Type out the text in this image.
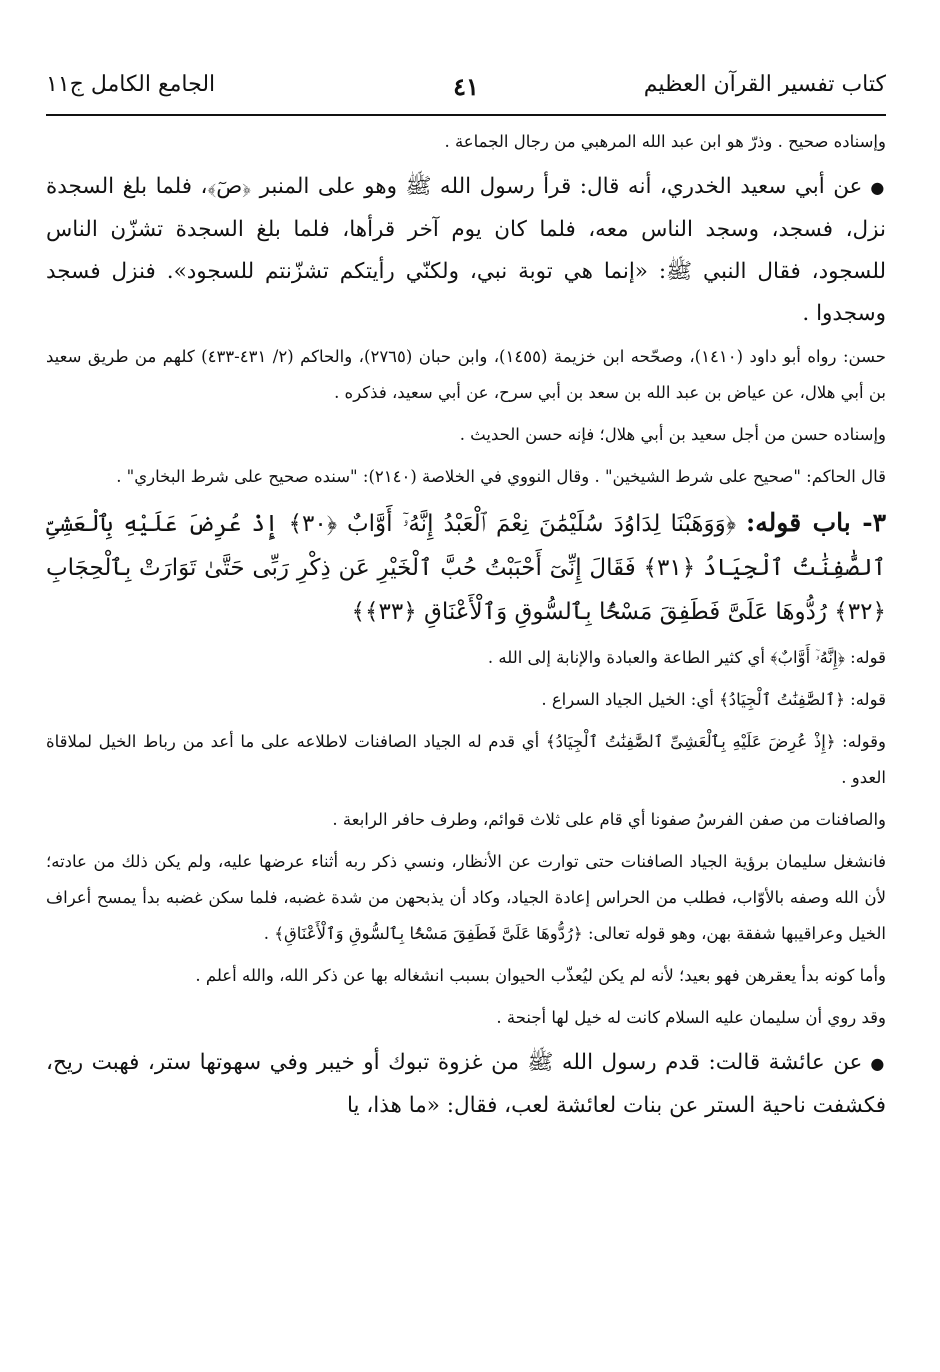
كتاب تفسير القرآن العظيم
٤١
الجامع الكامل ج١١

وإسناده صحيح . وذرّ هو ابن عبد الله المرهبي من رجال الجماعة .

● عن أبي سعيد الخدري، أنه قال: قرأ رسول الله ﷺ وهو على المنبر ﴿صٓ﴾، فلما بلغ السجدة نزل، فسجد، وسجد الناس معه، فلما كان يوم آخر قرأها، فلما بلغ السجدة تشزّن الناس للسجود، فقال النبي ﷺ: «إنما هي توبة نبي، ولكنّي رأيتكم تشزّنتم للسجود». فنزل فسجد وسجدوا .

حسن: رواه أبو داود (١٤١٠)، وصحّحه ابن خزيمة (١٤٥٥)، وابن حبان (٢٧٦٥)، والحاكم (٢/ ٤٣١-٤٣٣) كلهم من طريق سعيد بن أبي هلال، عن عياض بن عبد الله بن سعد بن أبي سرح، عن أبي سعيد، فذكره .

وإسناده حسن من أجل سعيد بن أبي هلال؛ فإنه حسن الحديث .

قال الحاكم: "صحيح على شرط الشيخين" . وقال النووي في الخلاصة (٢١٤٠): "سنده صحيح على شرط البخاري" .

٣- باب قوله: ﴿وَوَهَبْنَا لِدَاوُدَ سُلَيْمَٰنَ نِعْمَ ٱلْعَبْدُ إِنَّهُۥٓ أَوَّابٌ ﴿٣٠﴾ إِذْ عُرِضَ عَلَيْهِ بِٱلْعَشِىِّ ٱلصَّٰفِنَٰتُ ٱلْجِيَادُ ﴿٣١﴾ فَقَالَ إِنِّىٓ أَحْبَبْتُ حُبَّ ٱلْخَيْرِ عَن ذِكْرِ رَبِّى حَتَّىٰ تَوَارَتْ بِٱلْحِجَابِ ﴿٣٢﴾ رُدُّوهَا عَلَىَّ فَطَفِقَ مَسْحًۢا بِٱلسُّوقِ وَٱلْأَعْنَاقِ ﴿٣٣﴾﴾

قوله: ﴿إِنَّهُۥٓ أَوَّابٌ﴾ أي كثير الطاعة والعبادة والإنابة إلى الله .

قوله: ﴿ٱلصَّٰفِنَٰتُ ٱلْجِيَادُ﴾ أي: الخيل الجياد السراع .

وقوله: ﴿إِذْ عُرِضَ عَلَيْهِ بِٱلْعَشِىِّ ٱلصَّٰفِنَٰتُ ٱلْجِيَادُ﴾ أي قدم له الجياد الصافنات لاطلاعه على ما أعد من رباط الخيل لملاقاة العدو .

والصافنات من صفن الفرسُ صفونا أي قام على ثلاث قوائم، وطرف حافر الرابعة .

فانشغل سليمان برؤية الجياد الصافنات حتى توارت عن الأنظار، ونسي ذكر ربه أثناء عرضها عليه، ولم يكن ذلك من عادته؛ لأن الله وصفه بالأوّاب، فطلب من الحراس إعادة الجياد، وكاد أن يذبحهن من شدة غضبه، فلما سكن غضبه بدأ يمسح أعراف الخيل وعراقيبها شفقة بهن، وهو قوله تعالى: ﴿رُدُّوهَا عَلَىَّ فَطَفِقَ مَسْحًۢا بِٱلسُّوقِ وَٱلْأَعْنَاقِ﴾ .

وأما كونه بدأ يعقرهن فهو بعيد؛ لأنه لم يكن ليُعذّب الحيوان بسبب انشغاله بها عن ذكر الله، والله أعلم .

وقد روي أن سليمان عليه السلام كانت له خيل لها أجنحة .

● عن عائشة قالت: قدم رسول الله ﷺ من غزوة تبوك أو خيبر وفي سهوتها ستر، فهبت ريح، فكشفت ناحية الستر عن بنات لعائشة لعب، فقال: «ما هذا، يا
